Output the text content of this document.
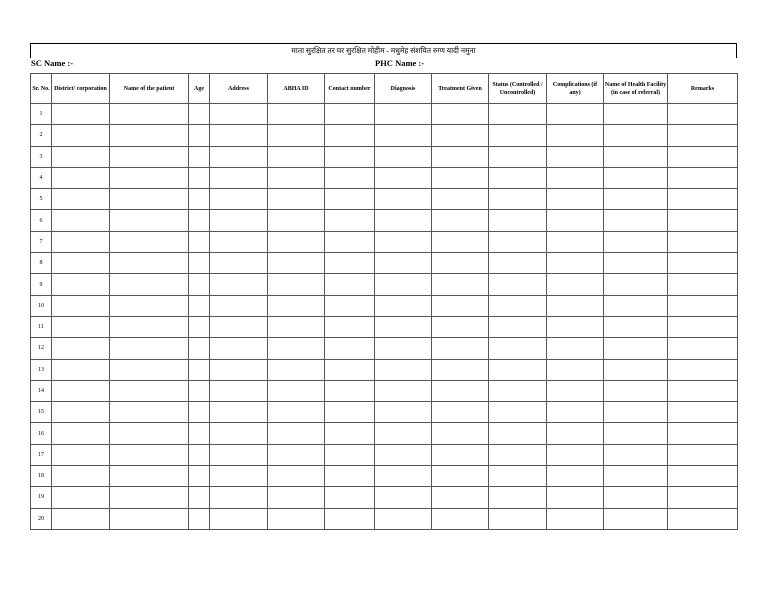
माता सुरक्षित तर घर सुरक्षित मोहीम - मधुमेह संशयित रुग्ण यादी नमुना
SC Name :-	PHC Name :-
Sr. No.	District/ corporation	Name of the patient	Age	Address	ABHA ID	Contact number	Diagnosis	Treatment Given	Status (Controlled / Uncontrolled)	Complications (if any)	Name of Health Facility (in case of referral)	Remarks
1												
2												
3												
4												
5												
6												
7												
8												
9												
10												
11												
12												
13												
14												
15												
16												
17												
18												
19												
20												
